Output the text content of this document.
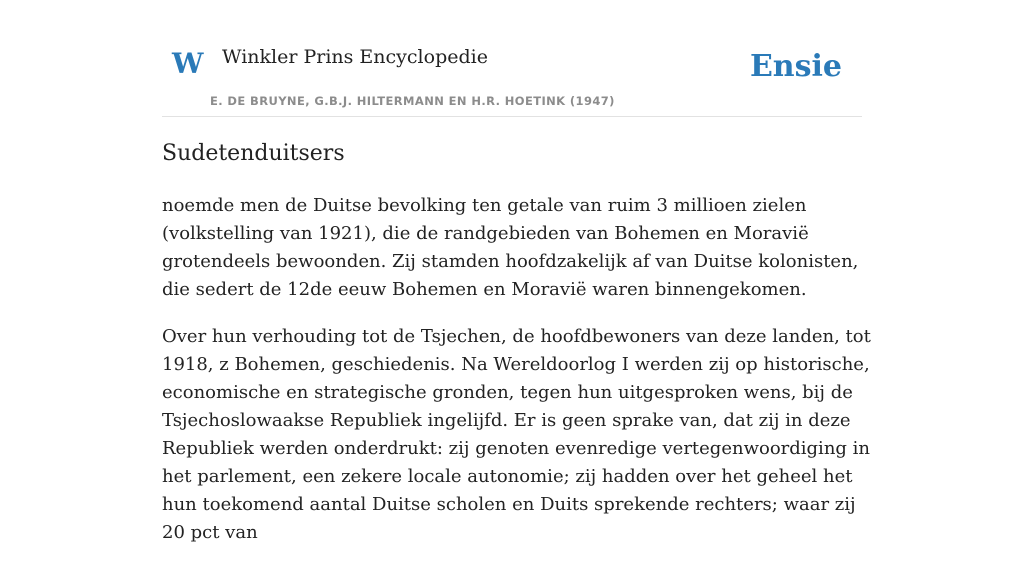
W Winkler Prins Encyclopedie
E. DE BRUYNE, G.B.J. HILTERMANN EN H.R. HOETINK (1947)
Ensie
Sudetenduitsers

noemde men de Duitse bevolking ten getale van ruim 3 millioen zielen (volkstelling van 1921), die de randgebieden van Bohemen en Moravië grotendeels bewoonden. Zij stamden hoofdzakelijk af van Duitse kolonisten, die sedert de 12de eeuw Bohemen en Moravië waren binnengekomen.

Over hun verhouding tot de Tsjechen, de hoofdbewoners van deze landen, tot 1918, z Bohemen, geschiedenis. Na Wereldoorlog I werden zij op historische, economische en strategische gronden, tegen hun uitgesproken wens, bij de Tsjechoslowaakse Republiek ingelijfd. Er is geen sprake van, dat zij in deze Republiek werden onderdrukt: zij genoten evenredige vertegenwoordiging in het parlement, een zekere locale autonomie; zij hadden over het geheel het hun toekomend aantal Duitse scholen en Duits sprekende rechters; waar zij 20 pct van
